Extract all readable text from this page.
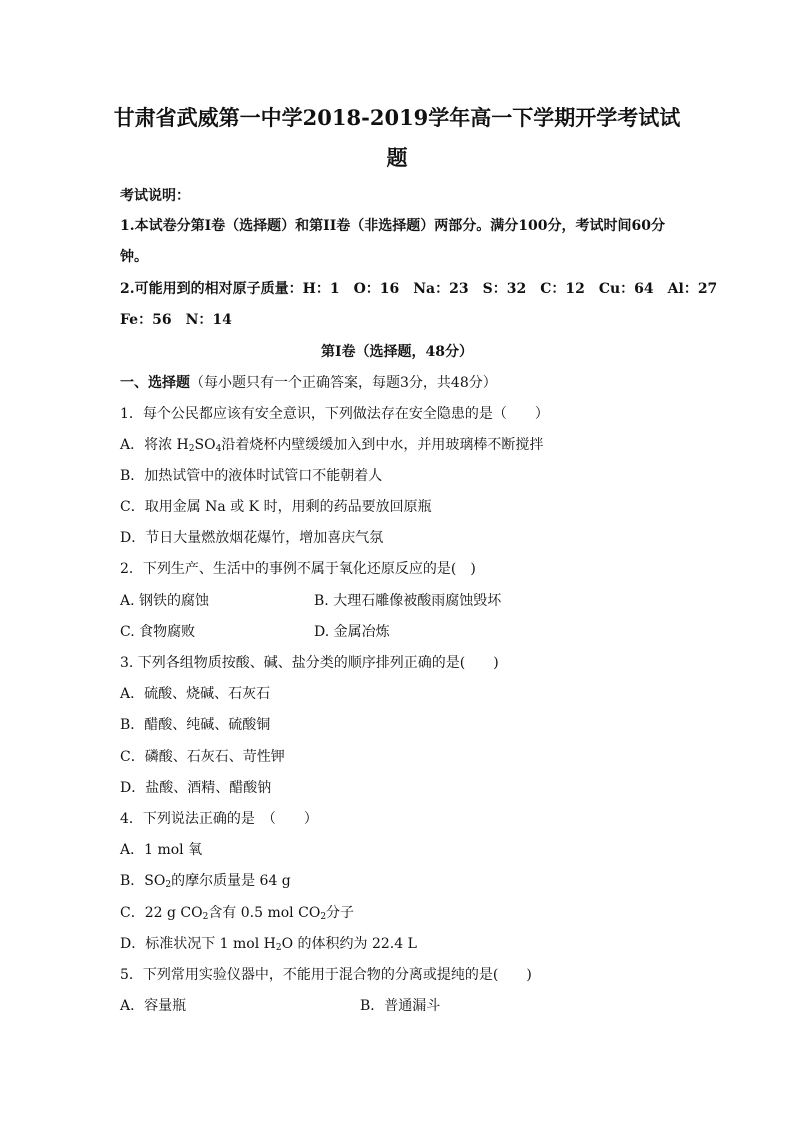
甘肃省武威第一中学2018-2019学年高一下学期开学考试试

题

考试说明：

1.本试卷分第I卷（选择题）和第II卷（非选择题）两部分。满分100分，考试时间60分

钟。

2.可能用到的相对原子质量：H：1　O：16　Na：23　S：32　C：12　Cu：64　Al：27

Fe：56　N：14

第I卷（选择题，48分）

一、选择题（每小题只有一个正确答案，每题3分，共48分）

1．每个公民都应该有安全意识，下列做法存在安全隐患的是（　　）

A．将浓 $H_2SO_4$沿着烧杯内壁缓缓加入到中水，并用玻璃棒不断搅拌

B．加热试管中的液体时试管口不能朝着人

C．取用金属 Na 或 K 时，用剩的药品要放回原瓶

D．节日大量燃放烟花爆竹，增加喜庆气氛

2．下列生产、生活中的事例不属于氧化还原反应的是(　)

A. 钢铁的腐蚀	B. 大理石雕像被酸雨腐蚀毁坏

C. 食物腐败	D. 金属冶炼

3. 下列各组物质按酸、碱、盐分类的顺序排列正确的是(　　)

A．硫酸、烧碱、石灰石

B．醋酸、纯碱、硫酸铜

C．磷酸、石灰石、苛性钾

D．盐酸、酒精、醋酸钠

4．下列说法正确的是　（　　）

A．1 mol 氧

B．$SO_2$的摩尔质量是 64 g

C．22 g $CO_2$含有 0.5 mol $CO_2$分子

D．标准状况下 1 mol $H_2O$ 的体积约为 22.4 L

5．下列常用实验仪器中，不能用于混合物的分离或提纯的是(　　)

A．容量瓶	B．普通漏斗
